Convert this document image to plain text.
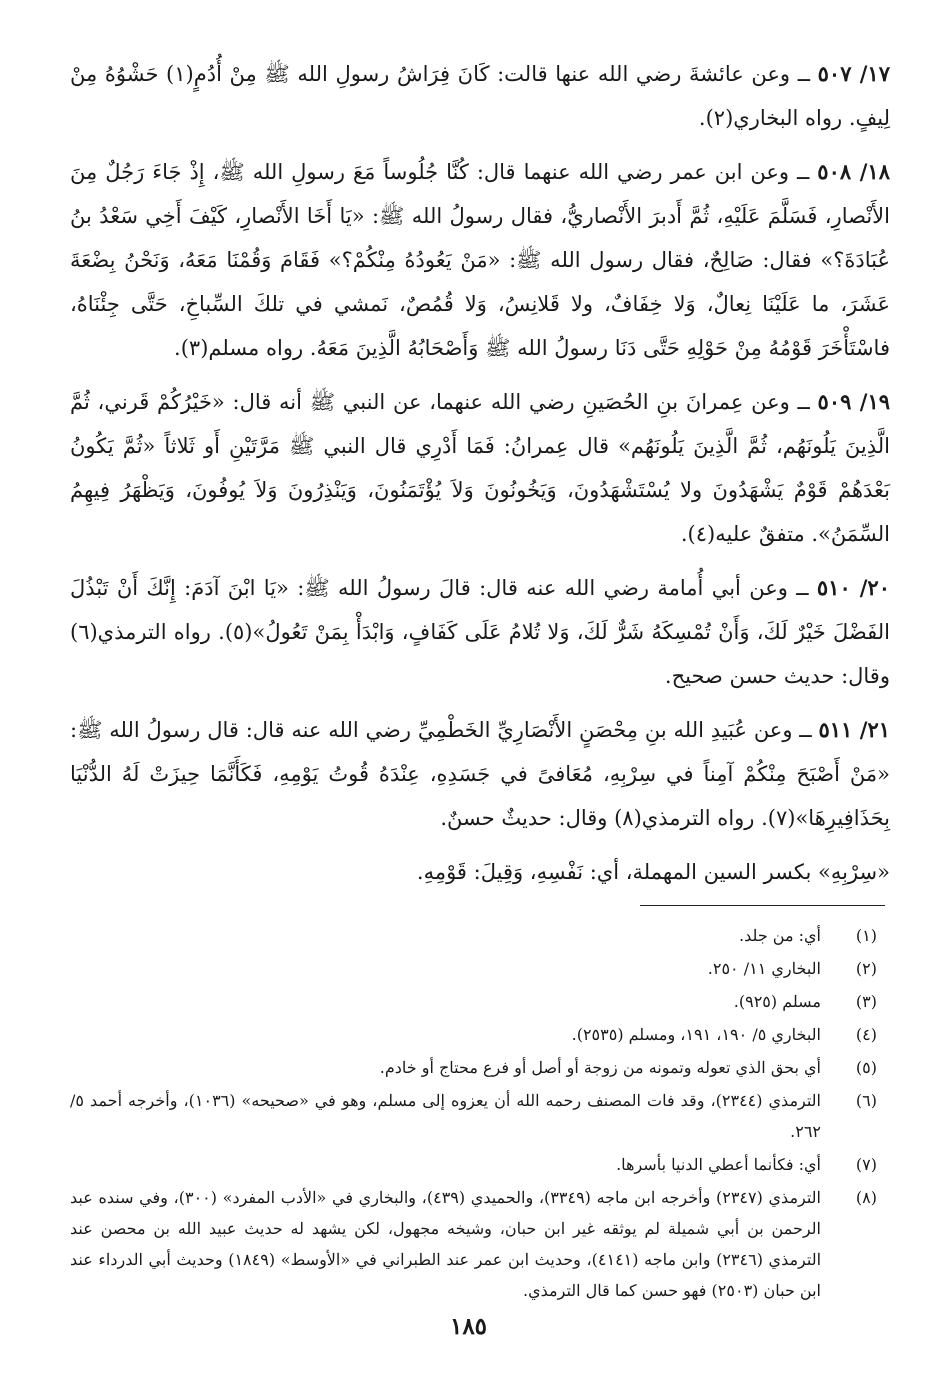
١٧/ ٥٠٧ ــ وعن عائشةَ رضي الله عنها قالت: كَانَ فِرَاشُ رسولِ الله ﷺ مِنْ أُدُمٍ(١) حَشْوُهُ مِنْ لِيفٍ. رواه البخاري(٢).

١٨/ ٥٠٨ ــ وعن ابن عمر رضي الله عنهما قال: كُنَّا جُلُوساً مَعَ رسولِ الله ﷺ، إِذْ جَاءَ رَجُلٌ مِنَ الأَنْصارِ، فَسَلَّمَ عَلَيْهِ، ثُمَّ أَدبرَ الأَنْصاريُّ، فقال رسولُ الله ﷺ: «يَا أَخَا الأَنْصارِ، كَيْفَ أَخِي سَعْدُ بنُ عُبَادَةَ؟» فقال: صَالِحٌ، فقال رسول الله ﷺ: «مَنْ يَعُودُهُ مِنْكُمْ؟» فَقَامَ وَقُمْنَا مَعَهُ، وَنَحْنُ بِضْعَةَ عَشَرَ، ما عَلَيْنَا نِعالٌ، وَلا خِفَافٌ، ولا قَلانِسُ، وَلا قُمُصٌ، نَمشي في تلكَ السِّباخِ، حَتَّى جِئْنَاهُ، فاسْتَأْخَرَ قَوْمُهُ مِنْ حَوْلِهِ حَتَّى دَنَا رسولُ الله ﷺ وَأَصْحَابُهُ الَّذِينَ مَعَهُ. رواه مسلم(٣).

١٩/ ٥٠٩ ــ وعن عِمرانَ بنِ الحُصَينِ رضي الله عنهما، عن النبي ﷺ أنه قال: «خَيْرُكُمْ قَرني، ثُمَّ الَّذِينَ يَلُونَهُم، ثُمَّ الَّذِينَ يَلُونَهُم» قال عِمرانُ: فَمَا أَدْرِي قال النبي ﷺ مَرَّتَيْنِ أَو ثَلاثاً «ثُمَّ يَكُونُ بَعْدَهُمْ قَوْمٌ يَشْهَدُونَ ولا يُسْتَشْهَدُونَ، وَيَخُونُونَ وَلاَ يُؤْتَمَنُونَ، وَيَنْذِرُونَ وَلاَ يُوفُونَ، وَيَظْهَرُ فِيهِمُ السِّمَنُ». متفقٌ عليه(٤).

٢٠/ ٥١٠ ــ وعن أبي أُمامة رضي الله عنه قال: قالَ رسولُ الله ﷺ: «يَا ابْنَ آدَمَ: إِنَّكَ أَنْ تَبْذُلَ الفَضْلَ خَيْرٌ لَكَ، وَأَنْ تُمْسِكَهُ شَرٌّ لَكَ، وَلا تُلامُ عَلَى كَفَافٍ، وَابْدَأْ بِمَنْ تَعُولُ»(٥). رواه الترمذي(٦) وقال: حديث حسن صحيح.

٢١/ ٥١١ ــ وعن عُبَيدِ الله بنِ مِحْصَنٍ الأَنْصَارِيِّ الخَطْمِيِّ رضي الله عنه قال: قال رسولُ الله ﷺ: «مَنْ أَصْبَحَ مِنْكُمْ آمِناً في سِرْبِهِ، مُعَافىً في جَسَدِهِ، عِنْدَهُ قُوتُ يَوْمِهِ، فَكَأَنَّمَا حِيزَتْ لَهُ الدُّنْيَا بِحَذَافِيرِهَا»(٧). رواه الترمذي(٨) وقال: حديثٌ حسنٌ.

«سِرْبِهِ» بكسر السين المهملة، أي: نَفْسِهِ، وَقِيلَ: قَوْمِهِ.

(١)
أي: من جلد.
(٢)
البخاري ١١/ ٢٥٠.
(٣)
مسلم (٩٢٥).
(٤)
البخاري ٥/ ١٩٠، ١٩١، ومسلم (٢٥٣٥).
(٥)
أي بحق الذي تعوله وتمونه من زوجة أو أصل أو فرع محتاج أو خادم.
(٦)
الترمذي (٢٣٤٤)، وقد فات المصنف رحمه الله أن يعزوه إلى مسلم، وهو في «صحيحه» (١٠٣٦)، وأخرجه أحمد ٥/ ٢٦٢.
(٧)
أي: فكأنما أعطي الدنيا بأسرها.
(٨)
الترمذي (٢٣٤٧) وأخرجه ابن ماجه (٣٣٤٩)، والحميدي (٤٣٩)، والبخاري في «الأدب المفرد» (٣٠٠)، وفي سنده عبد الرحمن بن أبي شميلة لم يوثقه غير ابن حبان، وشيخه مجهول، لكن يشهد له حديث عبيد الله بن محصن عند الترمذي (٢٣٤٦) وابن ماجه (٤١٤١)، وحديث ابن عمر عند الطبراني في «الأوسط» (١٨٤٩) وحديث أبي الدرداء عند ابن حبان (٢٥٠٣) فهو حسن كما قال الترمذي.
١٨٥
